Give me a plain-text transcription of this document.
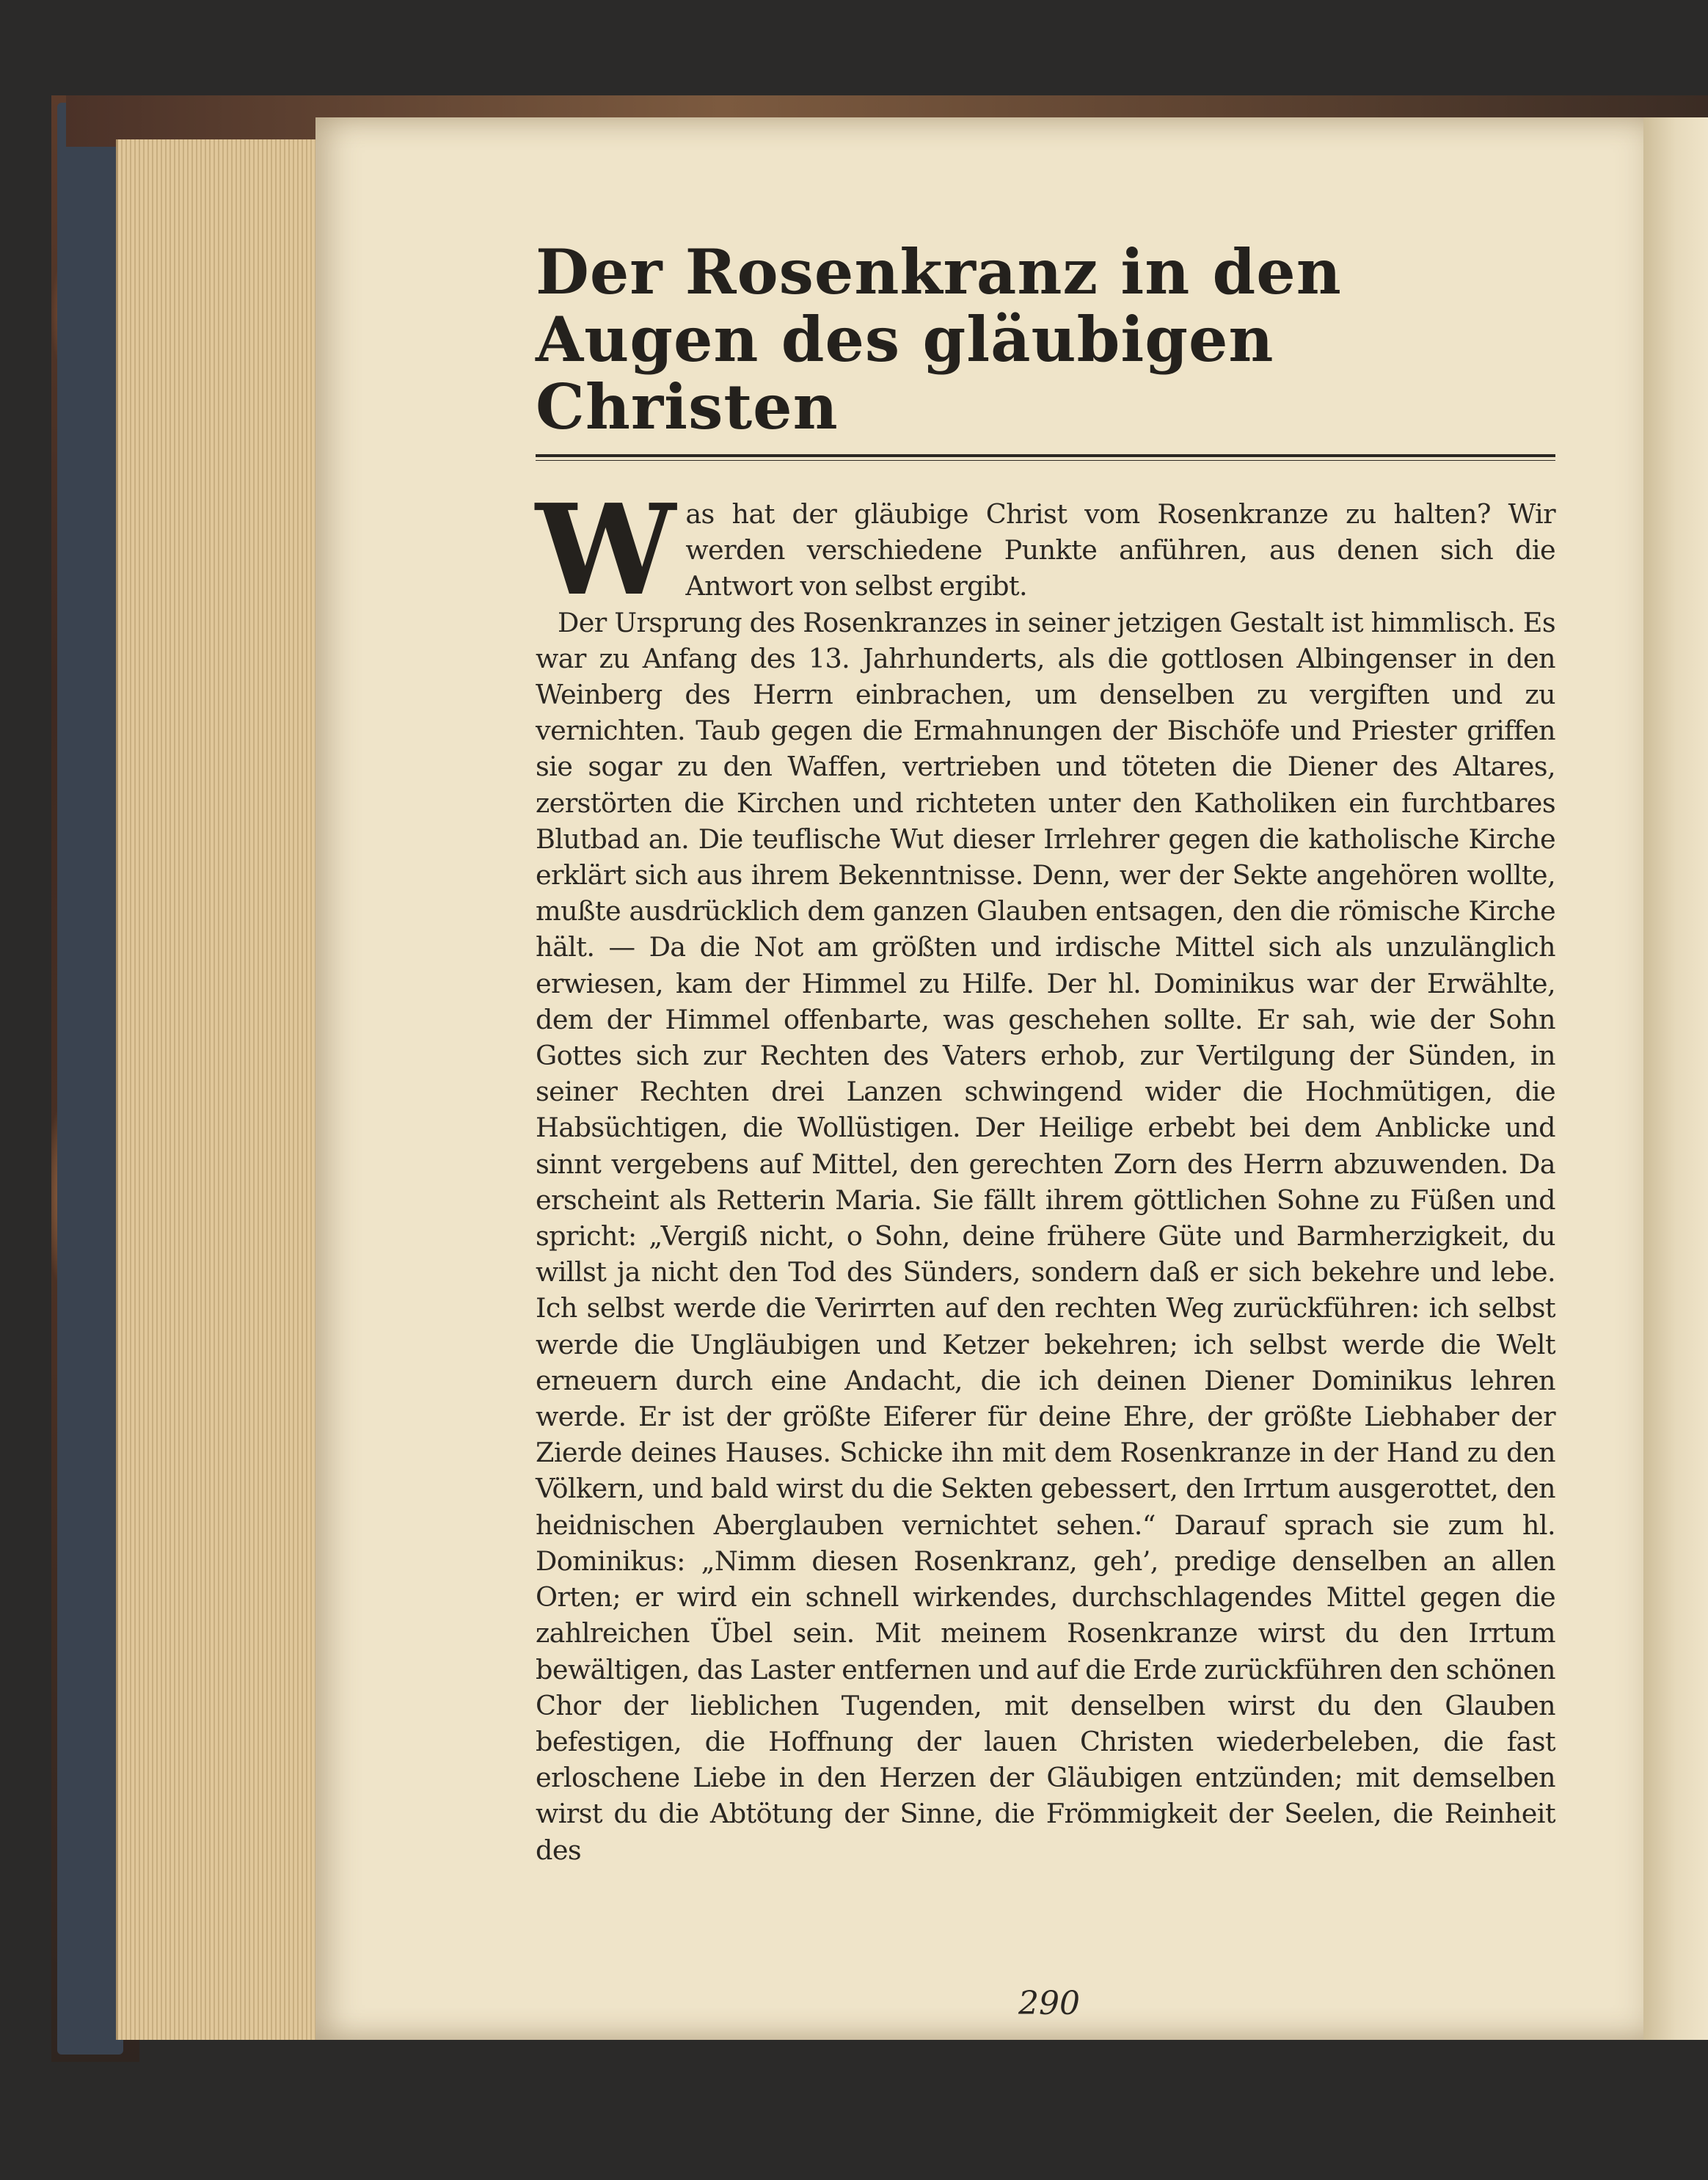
Der Rosenkranz in den Augen des gläubigen Christen

Was hat der gläubige Christ vom Rosenkranze zu halten? Wir werden verschiedene Punkte anführen, aus denen sich die Antwort von selbst ergibt.

Der Ursprung des Rosenkranzes in seiner jetzigen Gestalt ist himmlisch. Es war zu Anfang des 13. Jahrhunderts, als die gottlosen Albingenser in den Weinberg des Herrn einbrachen, um denselben zu vergiften und zu vernichten. Taub gegen die Ermahnungen der Bischöfe und Priester griffen sie sogar zu den Waffen, vertrieben und töteten die Diener des Altares, zerstörten die Kirchen und richteten unter den Katholiken ein furchtbares Blutbad an. Die teuflische Wut dieser Irrlehrer gegen die katholische Kirche erklärt sich aus ihrem Bekenntnisse. Denn, wer der Sekte angehören wollte, mußte ausdrücklich dem ganzen Glauben entsagen, den die römische Kirche hält. — Da die Not am größten und irdische Mittel sich als unzulänglich erwiesen, kam der Himmel zu Hilfe. Der hl. Dominikus war der Erwählte, dem der Himmel offenbarte, was geschehen sollte. Er sah, wie der Sohn Gottes sich zur Rechten des Vaters erhob, zur Vertilgung der Sünden, in seiner Rechten drei Lanzen schwingend wider die Hochmütigen, die Habsüchtigen, die Wollüstigen. Der Heilige erbebt bei dem Anblicke und sinnt vergebens auf Mittel, den gerechten Zorn des Herrn abzuwenden. Da erscheint als Retterin Maria. Sie fällt ihrem göttlichen Sohne zu Füßen und spricht: „Vergiß nicht, o Sohn, deine frühere Güte und Barmherzigkeit, du willst ja nicht den Tod des Sünders, sondern daß er sich bekehre und lebe. Ich selbst werde die Verirrten auf den rechten Weg zurückführen: ich selbst werde die Ungläubigen und Ketzer bekehren; ich selbst werde die Welt erneuern durch eine Andacht, die ich deinen Diener Dominikus lehren werde. Er ist der größte Eiferer für deine Ehre, der größte Liebhaber der Zierde deines Hauses. Schicke ihn mit dem Rosenkranze in der Hand zu den Völkern, und bald wirst du die Sekten gebessert, den Irrtum ausgerottet, den heidnischen Aberglauben vernichtet sehen.“ Darauf sprach sie zum hl. Dominikus: „Nimm diesen Rosenkranz, geh’, predige denselben an allen Orten; er wird ein schnell wirkendes, durchschlagendes Mittel gegen die zahlreichen Übel sein. Mit meinem Rosenkranze wirst du den Irrtum bewältigen, das Laster entfernen und auf die Erde zurückführen den schönen Chor der lieblichen Tugenden, mit denselben wirst du den Glauben befestigen, die Hoffnung der lauen Christen wiederbeleben, die fast erloschene Liebe in den Herzen der Gläubigen entzünden; mit demselben wirst du die Abtötung der Sinne, die Frömmigkeit der Seelen, die Reinheit des

290
